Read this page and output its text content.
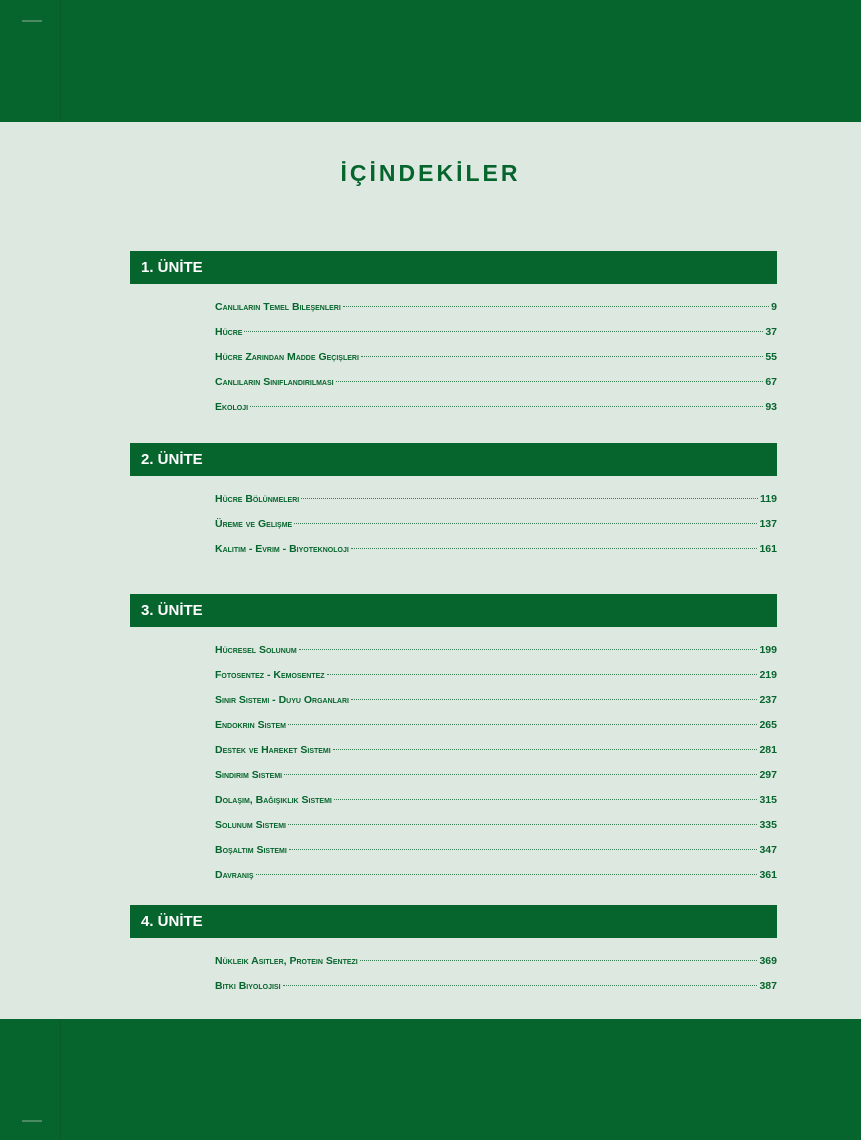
İÇİNDEKİLER
1. ÜNİTE
Canlıların Temel Bileşenleri	9
Hücre	37
Hücre Zarından Madde Geçişleri	55
Canlıların Sınıflandırılması	67
Ekoloji	93
2. ÜNİTE
Hücre Bölünmeleri	119
Üreme ve Gelişme	137
Kalıtım - Evrim - Biyoteknoloji	161
3. ÜNİTE
Hücresel Solunum	199
Fotosentez - Kemosentez	219
Sinir Sistemi - Duyu Organları	237
Endokrin Sistem	265
Destek ve Hareket Sistemi	281
Sindirim Sistemi	297
Dolaşım, Bağışıklık Sistemi	315
Solunum Sistemi	335
Boşaltım Sistemi	347
Davranış	361
4. ÜNİTE
Nükleik Asitler, Protein Sentezi	369
Bitki Biyolojisi	387
